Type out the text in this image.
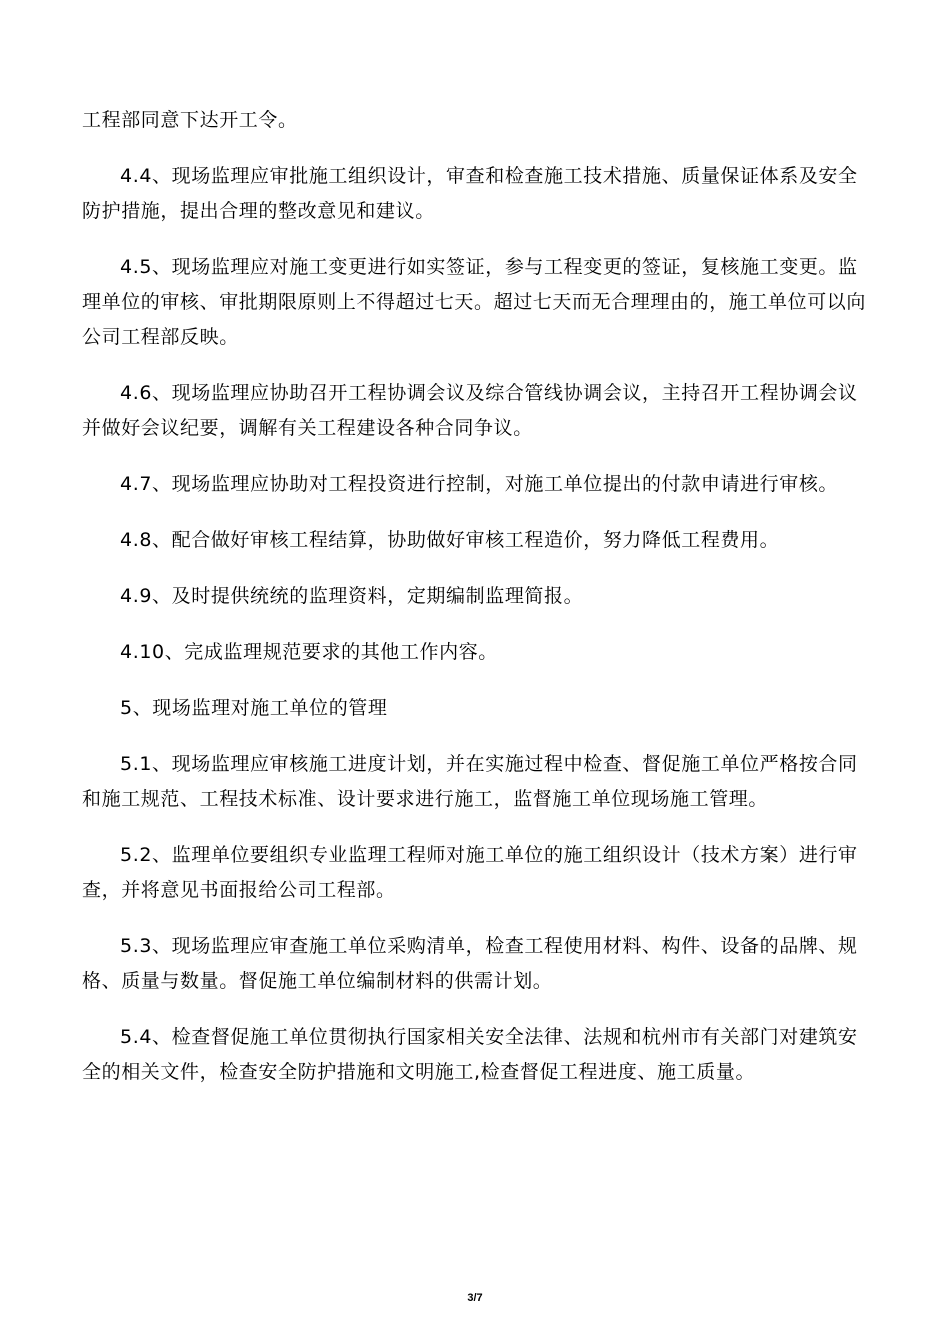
工程部同意下达开工令。

4.4、现场监理应审批施工组织设计，审查和检查施工技术措施、质量保证体系及安全防护措施，提出合理的整改意见和建议。

4.5、现场监理应对施工变更进行如实签证，参与工程变更的签证，复核施工变更。监理单位的审核、审批期限原则上不得超过七天。超过七天而无合理理由的，施工单位可以向公司工程部反映。

4.6、现场监理应协助召开工程协调会议及综合管线协调会议，主持召开工程协调会议并做好会议纪要，调解有关工程建设各种合同争议。

4.7、现场监理应协助对工程投资进行控制，对施工单位提出的付款申请进行审核。

4.8、配合做好审核工程结算，协助做好审核工程造价，努力降低工程费用。

4.9、及时提供统统的监理资料，定期编制监理简报。

4.10、完成监理规范要求的其他工作内容。

5、现场监理对施工单位的管理

5.1、现场监理应审核施工进度计划，并在实施过程中检查、督促施工单位严格按合同和施工规范、工程技术标准、设计要求进行施工，监督施工单位现场施工管理。

5.2、监理单位要组织专业监理工程师对施工单位的施工组织设计（技术方案）进行审查，并将意见书面报给公司工程部。

5.3、现场监理应审查施工单位采购清单，检查工程使用材料、构件、设备的品牌、规格、质量与数量。督促施工单位编制材料的供需计划。

5.4、检查督促施工单位贯彻执行国家相关安全法律、法规和杭州市有关部门对建筑安全的相关文件，检查安全防护措施和文明施工,检查督促工程进度、施工质量。

3/7
